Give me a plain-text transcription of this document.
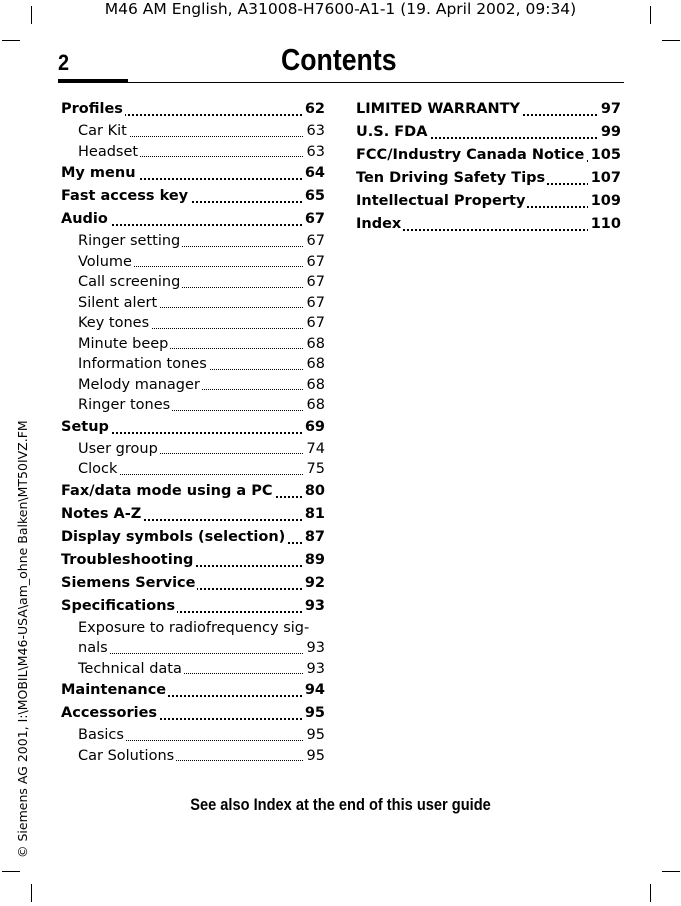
M46 AM English, A31008-H7600-A1-1 (19. April 2002, 09:34)
2	Contents
Profiles	62
Car Kit	63
Headset	63
My menu	64
Fast access key	65
Audio	67
Ringer setting	67
Volume	67
Call screening	67
Silent alert	67
Key tones	67
Minute beep	68
Information tones	68
Melody manager	68
Ringer tones	68
Setup	69
User group	74
Clock	75
Fax/data mode using a PC 80
Notes A-Z	81
Display symbols (selection) 87
Troubleshooting	89
Siemens Service	92
Specifications	93
Exposure to radiofrequency sig-
nals	93
Technical data	93
Maintenance	94
Accessories	95
Basics	95
Car Solutions	95
LIMITED WARRANTY	97
U.S. FDA	99
FCC/Industry Canada Notice 105
Ten Driving Safety Tips	107
Intellectual Property	109
Index	110
See also Index at the end of this user guide
© Siemens AG 2001, I:\MOBIL\M46-USA\am_ohne Balken\MT50IVZ.FM
